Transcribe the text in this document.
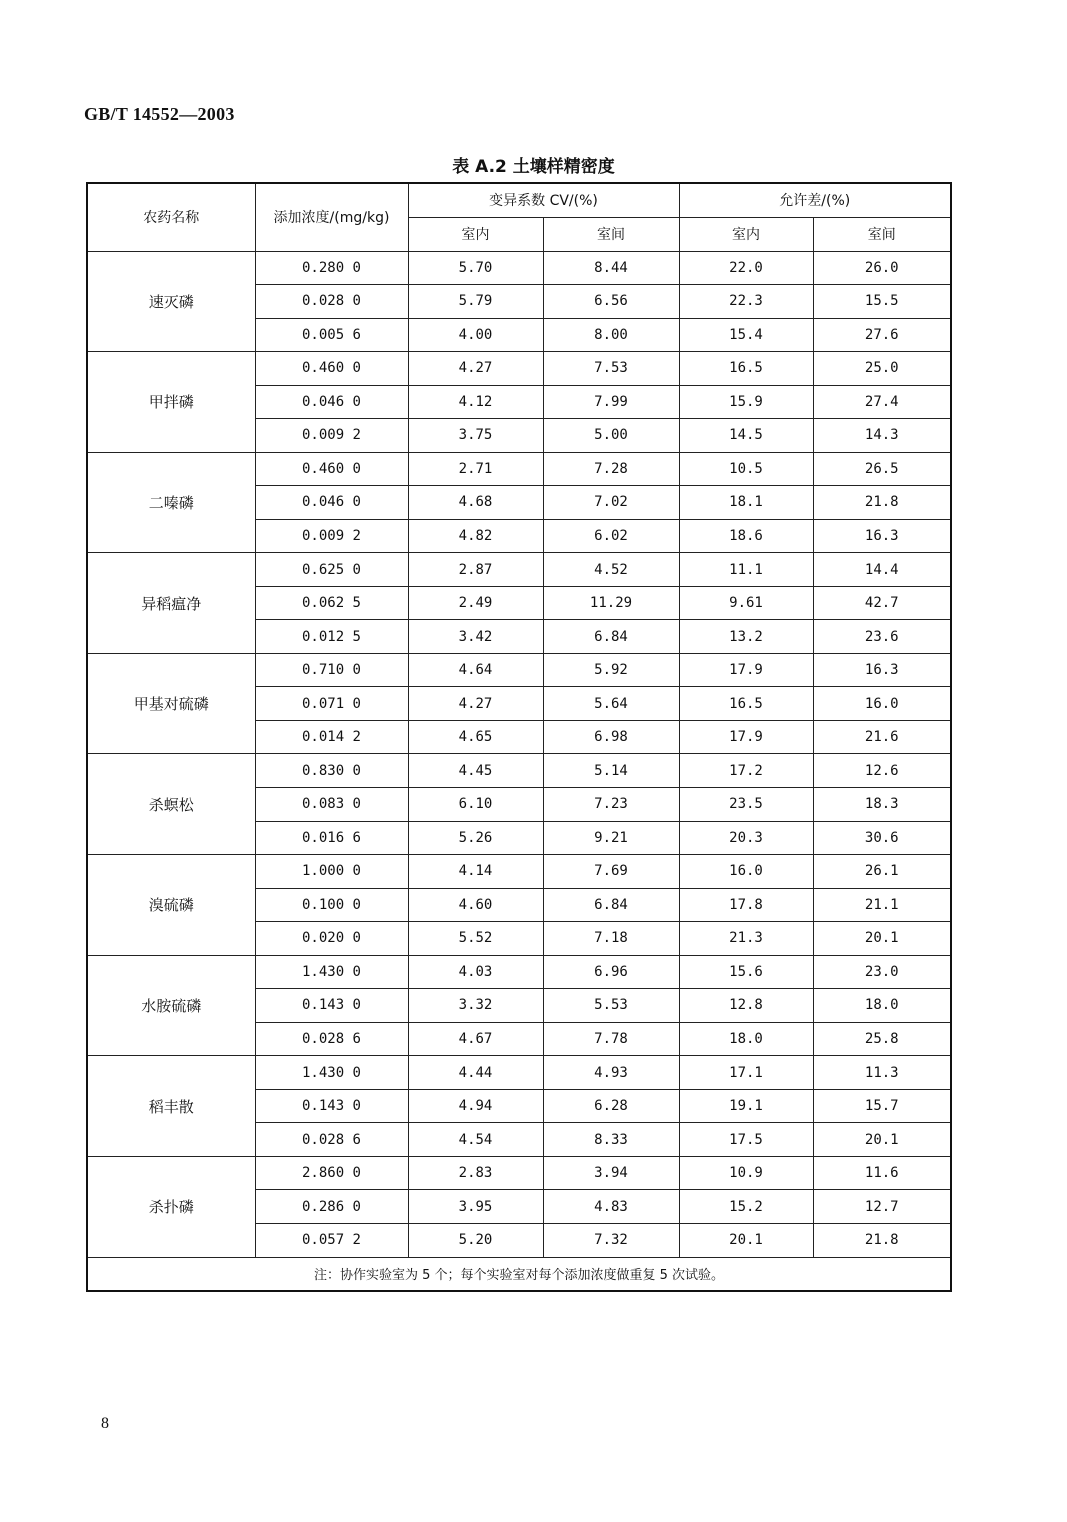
GB/T 14552—2003
表 A.2 土壤样精密度
农药名称	添加浓度/(mg/kg)	变异系数 CV/(%)		允许差/(%)	
		室内	室间	室内	室间
速灭磷	0.280 0	5.70	8.44	22.0	26.0
	0.028 0	5.79	6.56	22.3	15.5
	0.005 6	4.00	8.00	15.4	27.6
甲拌磷	0.460 0	4.27	7.53	16.5	25.0
	0.046 0	4.12	7.99	15.9	27.4
	0.009 2	3.75	5.00	14.5	14.3
二嗪磷	0.460 0	2.71	7.28	10.5	26.5
	0.046 0	4.68	7.02	18.1	21.8
	0.009 2	4.82	6.02	18.6	16.3
异稻瘟净	0.625 0	2.87	4.52	11.1	14.4
	0.062 5	2.49	11.29	9.61	42.7
	0.012 5	3.42	6.84	13.2	23.6
甲基对硫磷	0.710 0	4.64	5.92	17.9	16.3
	0.071 0	4.27	5.64	16.5	16.0
	0.014 2	4.65	6.98	17.9	21.6
杀螟松	0.830 0	4.45	5.14	17.2	12.6
	0.083 0	6.10	7.23	23.5	18.3
	0.016 6	5.26	9.21	20.3	30.6
溴硫磷	1.000 0	4.14	7.69	16.0	26.1
	0.100 0	4.60	6.84	17.8	21.1
	0.020 0	5.52	7.18	21.3	20.1
水胺硫磷	1.430 0	4.03	6.96	15.6	23.0
	0.143 0	3.32	5.53	12.8	18.0
	0.028 6	4.67	7.78	18.0	25.8
稻丰散	1.430 0	4.44	4.93	17.1	11.3
	0.143 0	4.94	6.28	19.1	15.7
	0.028 6	4.54	8.33	17.5	20.1
杀扑磷	2.860 0	2.83	3.94	10.9	11.6
	0.286 0	3.95	4.83	15.2	12.7
	0.057 2	5.20	7.32	20.1	21.8
注：协作实验室为 5 个；每个实验室对每个添加浓度做重复 5 次试验。					
8
